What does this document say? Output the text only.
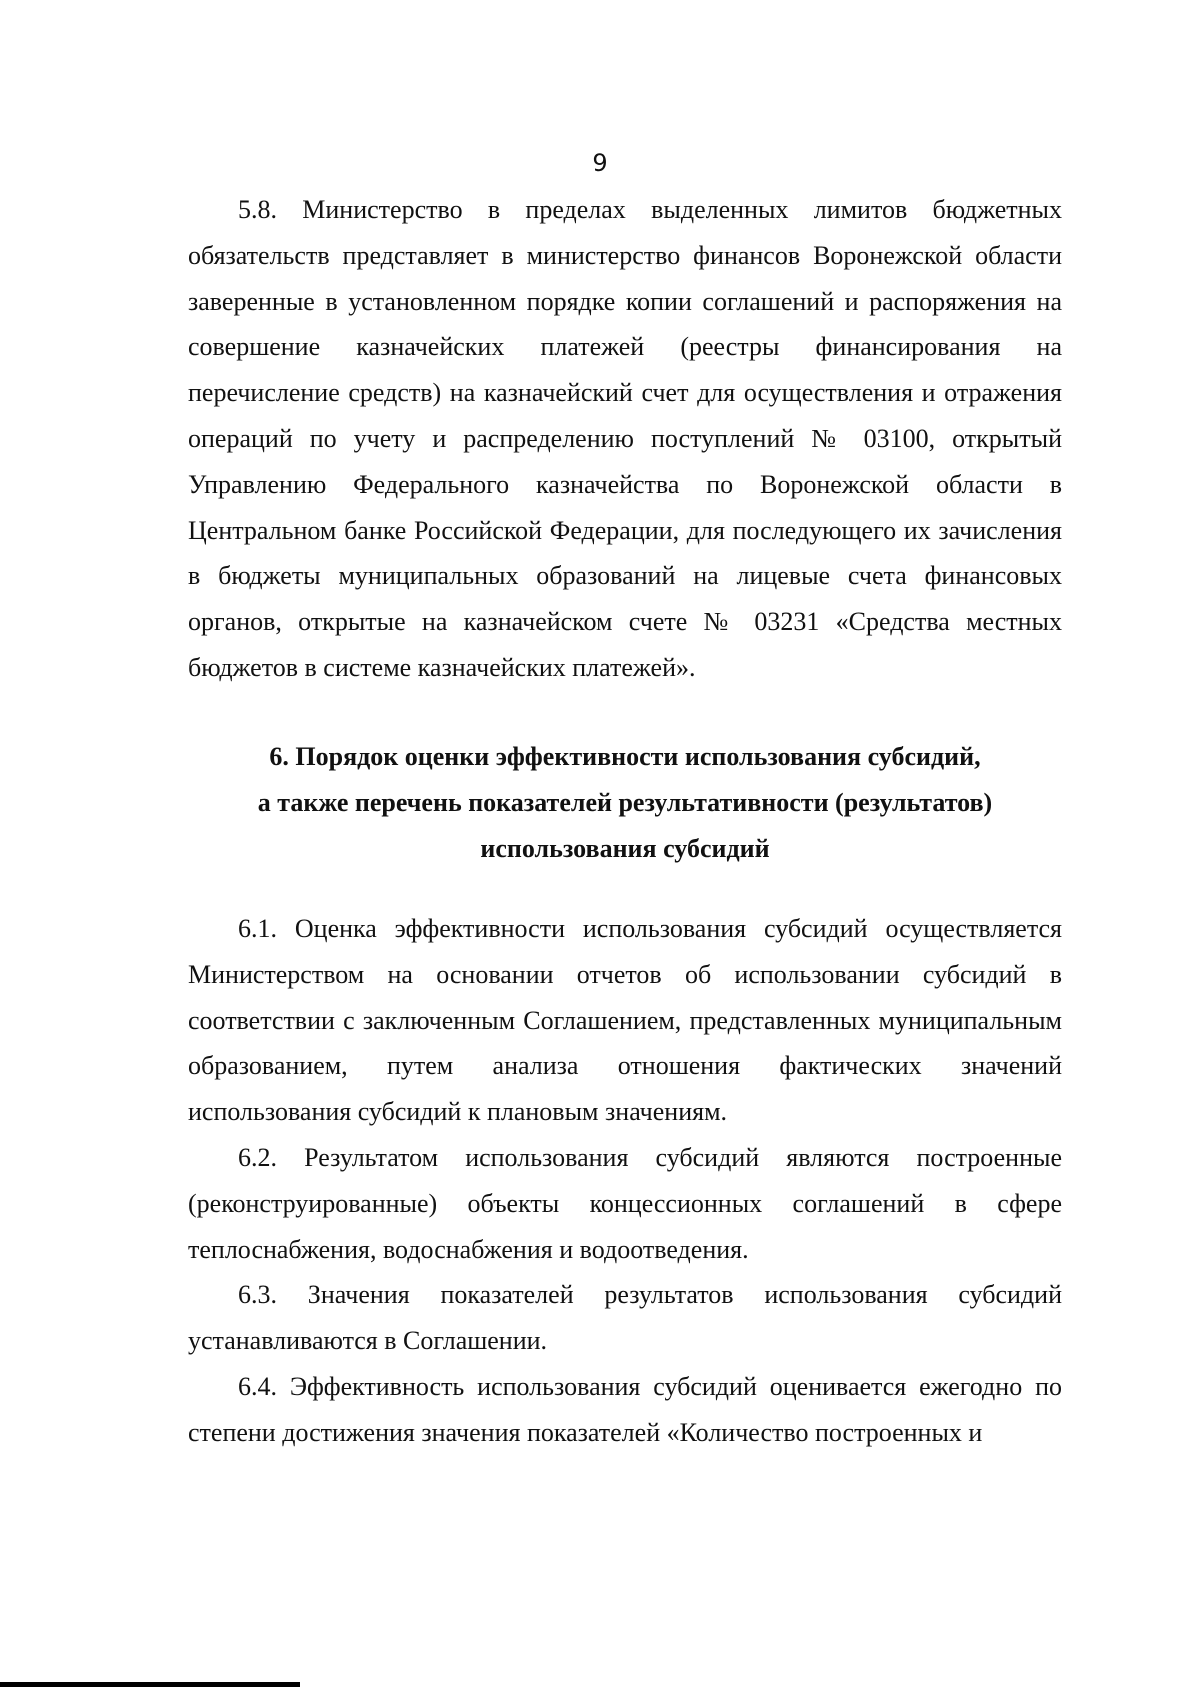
9

5.8. Министерство в пределах выделенных лимитов бюджетных обязательств представляет в министерство финансов Воронежской области заверенные в установленном порядке копии соглашений и распоряжения на совершение казначейских платежей (реестры финансирования на перечисление средств) на казначейский счет для осуществления и отражения операций по учету и распределению поступлений № 03100, открытый Управлению Федерального казначейства по Воронежской области в Центральном банке Российской Федерации, для последующего их зачисления в бюджеты муниципальных образований на лицевые счета финансовых органов, открытые на казначейском счете № 03231 «Средства местных бюджетов в системе казначейских платежей».

6. Порядок оценки эффективности использования субсидий,
а также перечень показателей результативности (результатов)
использования субсидий

6.1. Оценка эффективности использования субсидий осуществляется Министерством на основании отчетов об использовании субсидий в соответствии с заключенным Соглашением, представленных муниципальным образованием, путем анализа отношения фактических значений использования субсидий к плановым значениям.

6.2. Результатом использования субсидий являются построенные (реконструированные) объекты концессионных соглашений в сфере теплоснабжения, водоснабжения и водоотведения.

6.3. Значения показателей результатов использования субсидий устанавливаются в Соглашении.

6.4. Эффективность использования субсидий оценивается ежегодно по степени достижения значения показателей «Количество построенных и
